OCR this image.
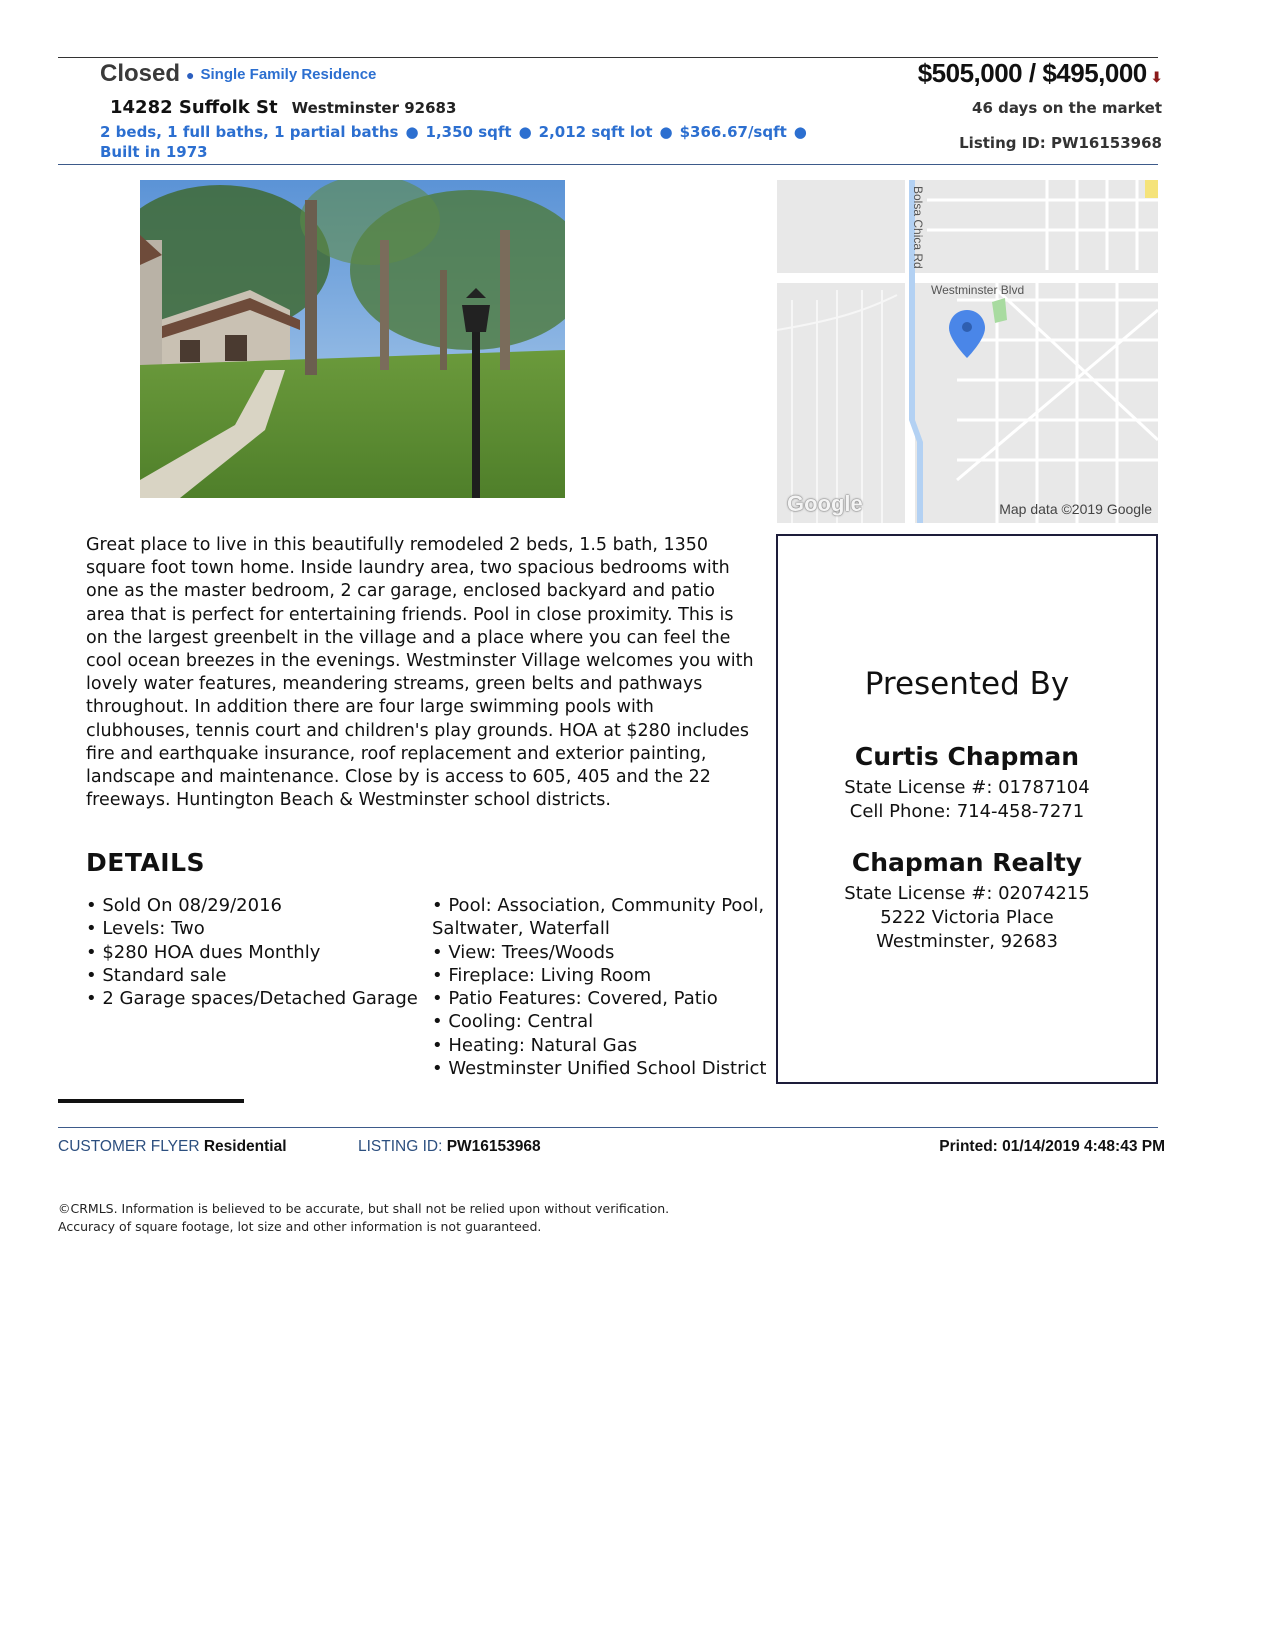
Closed ● Single Family Residence
14282 Suffolk St Westminster 92683
2 beds, 1 full baths, 1 partial baths ● 1,350 sqft ● 2,012 sqft lot ● $366.67/sqft ●
Built in 1973
$505,000 / $495,000 ⬇
46 days on the market
Listing ID: PW16153968
Bolsa Chica Rd
Westminster Blvd
Google	Map data ©2019 Google
Great place to live in this beautifully remodeled 2 beds, 1.5 bath, 1350 square foot town home. Inside laundry area, two spacious bedrooms with one as the master bedroom, 2 car garage, enclosed backyard and patio area that is perfect for entertaining friends. Pool in close proximity. This is on the largest greenbelt in the village and a place where you can feel the cool ocean breezes in the evenings. Westminster Village welcomes you with lovely water features, meandering streams, green belts and pathways throughout. In addition there are four large swimming pools with clubhouses, tennis court and children's play grounds. HOA at $280 includes fire and earthquake insurance, roof replacement and exterior painting, landscape and maintenance. Close by is access to 605, 405 and the 22 freeways. Huntington Beach & Westminster school districts.
DETAILS
• Sold On 08/29/2016
• Levels: Two
• $280 HOA dues Monthly
• Standard sale
• 2 Garage spaces/Detached Garage
• Pool: Association, Community Pool, Saltwater, Waterfall
• View: Trees/Woods
• Fireplace: Living Room
• Patio Features: Covered, Patio
• Cooling: Central
• Heating: Natural Gas
• Westminster Unified School District
Presented By
Curtis Chapman
State License #: 01787104
Cell Phone: 714-458-7271
Chapman Realty
State License #: 02074215
5222 Victoria Place
Westminster, 92683
CUSTOMER FLYER Residential	LISTING ID: PW16153968	Printed: 01/14/2019 4:48:43 PM
©CRMLS. Information is believed to be accurate, but shall not be relied upon without verification.
Accuracy of square footage, lot size and other information is not guaranteed.
